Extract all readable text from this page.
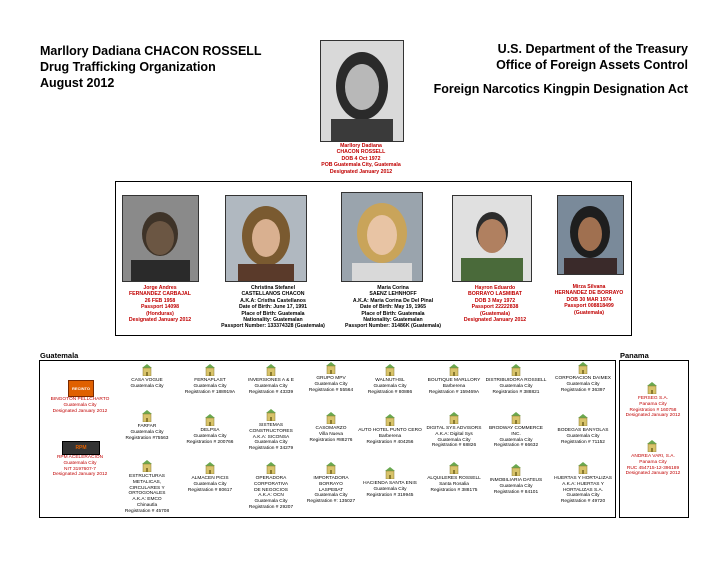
Marllory Dadiana CHACON ROSSELL
Drug Trafficking Organization
August 2012
U.S. Department of the Treasury
Office of Foreign Assets Control
Foreign Narcotics Kingpin Designation Act
Marllory Dadiana
CHACON ROSSELL
DOB 4 Oct 1972
POB Guatemala City, Guatemala
Designated January 2012
Jorge Andres
FERNANDEZ CARBAJAL
26 FEB 1958
Passport 14098
(Honduras)
Designated January 2012
Christina Stefanel
CASTELLANOS CHACON
A.K.A: Cristha Castellanos
Date of Birth: June 17, 1991
Place of Birth: Guatemala
Nationality: Guatemalan
Passport Number: 133374328 (Guatemala)
Maria Corina
SAENZ LEHNHOFF
A.K.A: Maria Corina De Del Pinal
Date of Birth: May 19, 1965
Place of Birth: Guatemala
Nationality: Guatemalan
Passport Number: 31486K (Guatemala)
Hayron Eduardo
BORRAYO LASMIBAT
DOB 3 May 1972
Passport 22222838
(Guatemala)
Designated January 2012
Mirza Silvana
HERNANDEZ DE BORRAYO
DOB 30 MAR 1974
Passport 008818499
(Guatemala)
Guatemala	Panama
RECINTO
BINGOTON PELLCHARTO
Guatemala City
Designated January 2012
RPM
RPM ACELERACION
Guatemala City
NIT 3197607-7
Designated January 2012
CASA VOGUE
Guatemala City
FERNAPLAST
Guatemala City
Registration # 188919A
INVERSIONES A & E
Guatemala City
Registration # 43339
GRUPO MPV
Guatemala City
Registration # 55564
WALNUTHSL
Guatemala City
Registration # 80886
BOUTIQUE MARLLORY
Barberena
Registration # 159469A
DISTRIBUIDORA ROSSELL
Guatemala City
Registration # 388821
CORPORACION DAIMEX
Guatemala City
Registration # 36397
FARFAR
Guatemala City
Registration #75563
DELPSA
Guatemala City
Registration # 200766
SISTEMAS
CONSTRUCTORES
A.K.A: SICONSA
Guatemala City
Registration # 34279
CASOMARZO
Villa Nueva
Registration #88276
AUTO HOTEL PUNTO CERO
Barberena
Registration # 404256
DIGITAL SYS ADVISORS
A.K.A: Digital Sys
Guatemala City
Registration # 68826
BRODWAY COMMERCE
INC.
Guatemala City
Registration # 66632
BODEGAS BANYOLAS
Guatemala City
Registration # 71152
ESTRUCTURAS METALICAS,
CIRCULARES Y
ORTOGONALES
A.K.A: EMCO
Chinautla
Registration # 45708
ALMACEN PICIS
Guatemala City
Registration # 80617
OPERADORA
CORPORATIVA
DE NEGOCIOS
A.K.A: OCN
Guatemala City
Registration # 29207
IMPORTADORA
BORRAYO
LASPEBAT
Guatemala City
Registration #: 135027
HACIENDA SANTA ENIS
Guatemala City
Registration # 319945
ALQUILERES ROSSELL
Santa Rosalia
Registration # 388175
INMOBILIARIA DATEUS
Guatemala City
Registration # 84101
HUERTAS Y HORTALIZAS
A.K.A: HUERTAS Y
HORTALIZAS S.A.
Guatemala City
Registration # 49720
FERSEG S.A.
Panama City
Registration # 160758
Designated January 2012
ANDREA VARI, S.A.
Panama City
RUC 454715-12-396189
Designated January 2012
